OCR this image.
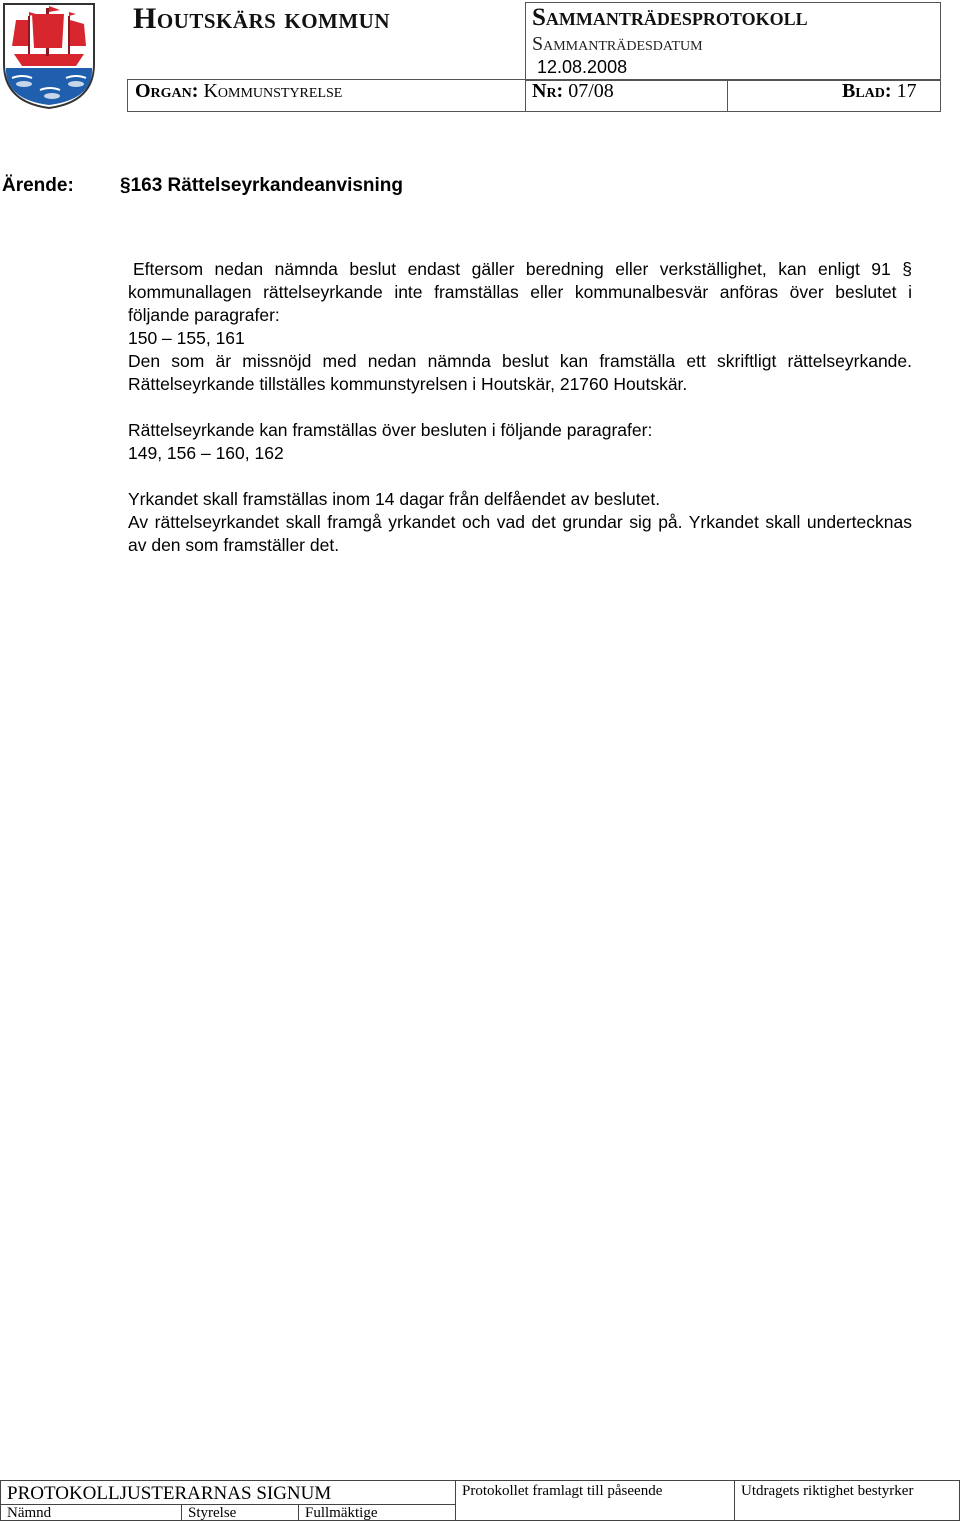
Houtskärs kommun	Sammanträdesprotokoll
Sammanträdesdatum
12.08.2008
Organ: Kommunstyrelse	Nr: 07/08	Blad: 17
Ärende: §163 Rättelseyrkandeanvisning
Eftersom nedan nämnda beslut endast gäller beredning eller verkställighet, kan enligt 91 § kommunallagen rättelseyrkande inte framställas eller kommunalbesvär anföras över beslutet i följande paragrafer:
150 – 155, 161
Den som är missnöjd med nedan nämnda beslut kan framställa ett skriftligt rättelseyrkande. Rättelseyrkande tillställes kommunstyrelsen i Houtskär, 21760 Houtskär.
Rättelseyrkande kan framställas över besluten i följande paragrafer:
149, 156 – 160, 162
Yrkandet skall framställas inom 14 dagar från delfåendet av beslutet.
Av rättelseyrkandet skall framgå yrkandet och vad det grundar sig på. Yrkandet skall undertecknas av den som framställer det.
PROTOKOLLJUSTERARNAS SIGNUM	Protokollet framlagt till påseende	Utdragets riktighet bestyrker
Nämnd	Styrelse	Fullmäktige
